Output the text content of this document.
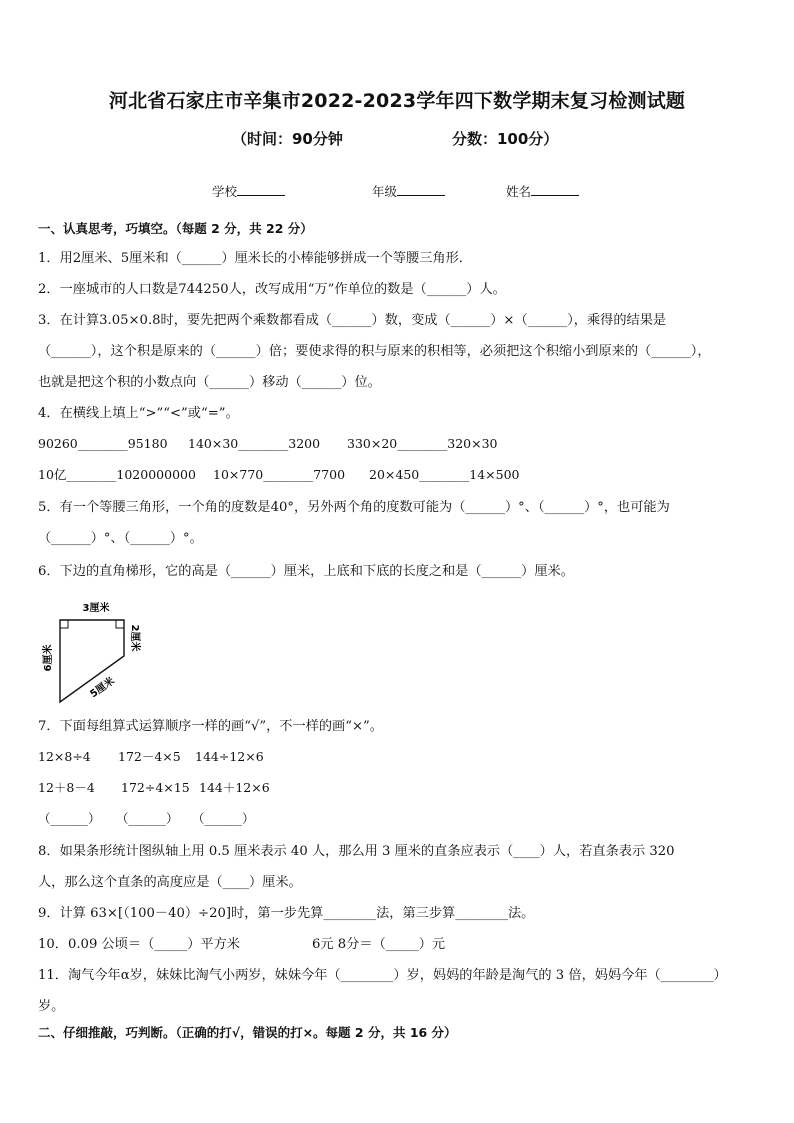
河北省石家庄市辛集市2022-2023学年四下数学期末复习检测试题
（时间：90分钟	分数：100分）
学校	年级	姓名
一、认真思考，巧填空。（每题 2 分，共 22 分）
1．用2厘米、5厘米和（______）厘米长的小棒能够拼成一个等腰三角形．
2．一座城市的人口数是744250人，改写成用“万”作单位的数是（______）人。
3．在计算3.05×0.8时，要先把两个乘数都看成（______）数，变成（______）×（______），乘得的结果是
（______），这个积是原来的（______）倍；要使求得的积与原来的积相等，必须把这个积缩小到原来的（______），
也就是把这个积的小数点向（______）移动（______）位。
4．在横线上填上“>”“<”或“=”。
90260________95180 140×30________3200 330×20________320×30
10亿________1020000000 10×770________7700 20×450________14×500
5．有一个等腰三角形，一个角的度数是40°，另外两个角的度数可能为（______）°、（______）°，也可能为
（______）°、（______）°。
6．下边的直角梯形，它的高是（______）厘米，上底和下底的长度之和是（______）厘米。
3厘米
6厘米
2厘米
5厘米
7．下面每组算式运算顺序一样的画“√”，不一样的画“×”。
12×8÷4 172－4×5 144÷12×6
12＋8－4 172÷4×15 144＋12×6
（______） （______） （______）
8．如果条形统计图纵轴上用 0.5 厘米表示 40 人，那么用 3 厘米的直条应表示（____）人，若直条表示 320
人，那么这个直条的高度应是（____）厘米。
9．计算 63×[（100－40）÷20]时，第一步先算________法，第三步算________法。
10．0.09 公顷＝（_____）平方米	6元 8分＝（_____）元
11．淘气今年α岁，妹妹比淘气小两岁，妹妹今年（________）岁，妈妈的年龄是淘气的 3 倍，妈妈今年（________）
岁。
二、仔细推敲，巧判断。（正确的打√，错误的打×。每题 2 分，共 16 分）
